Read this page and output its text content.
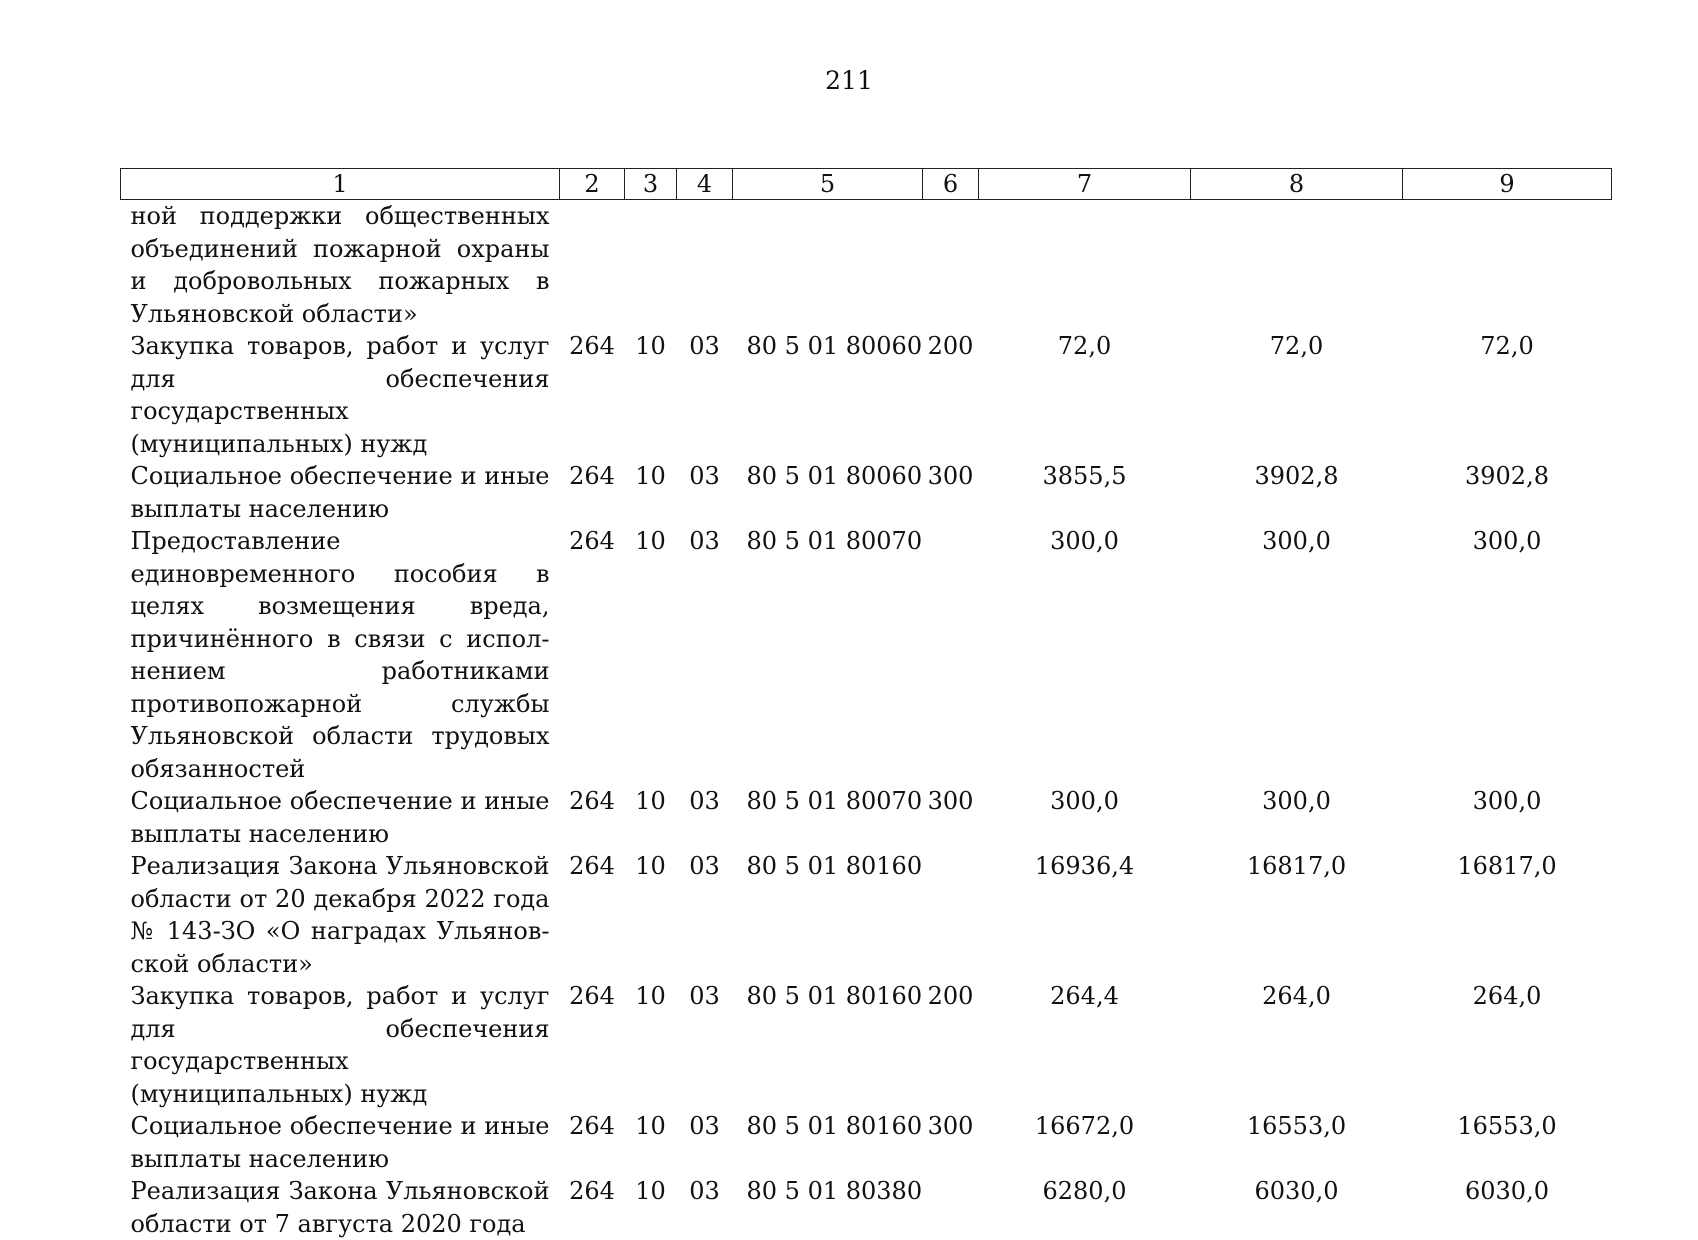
211
1	2	3	4	5	6	7	8	9
ной поддержки общественных объединений пожарной охраны и добровольных пожарных в Ульяновской области»								
Закупка товаров, работ и услуг для обеспечения государственных (муниципальных) нужд	264	10	03	80 5 01 80060	200	72,0	72,0	72,0
Социальное обеспечение и иные выплаты населению	264	10	03	80 5 01 80060	300	3855,5	3902,8	3902,8
Предоставление единовременного пособия в целях возмещения вреда, причинённого в связи с исполнением работниками противопожарной службы Ульяновской области трудовых обязанностей	264	10	03	80 5 01 80070		300,0	300,0	300,0
Социальное обеспечение и иные выплаты населению	264	10	03	80 5 01 80070	300	300,0	300,0	300,0
Реализация Закона Ульяновской области от 20 декабря 2022 года № 143-ЗО «О наградах Ульяновской области»	264	10	03	80 5 01 80160		16936,4	16817,0	16817,0
Закупка товаров, работ и услуг для обеспечения государственных (муниципальных) нужд	264	10	03	80 5 01 80160	200	264,4	264,0	264,0
Социальное обеспечение и иные выплаты населению	264	10	03	80 5 01 80160	300	16672,0	16553,0	16553,0
Реализация Закона Ульяновской области от 7 августа 2020 года	264	10	03	80 5 01 80380		6280,0	6030,0	6030,0
